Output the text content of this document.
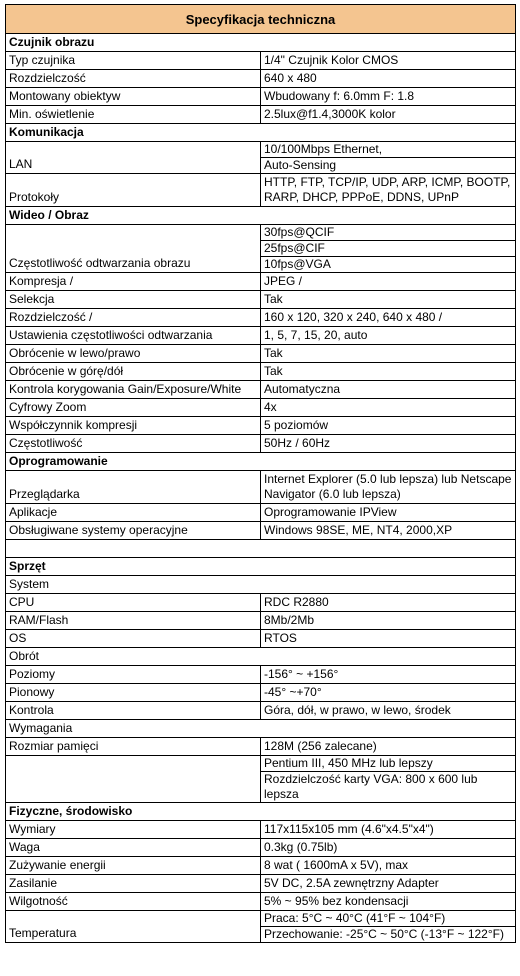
Specyfikacja techniczna	
Czujnik obrazu	
Typ czujnika	1/4" Czujnik Kolor CMOS
Rozdzielczość	640 x 480
Montowany obiektyw	Wbudowany f: 6.0mm F: 1.8
Min. oświetlenie	2.5lux@f1.4,3000K kolor
Komunikacja	
LAN	10/100Mbps Ethernet,
Auto-Sensing

Protokoły	HTTP, FTP, TCP/IP, UDP, ARP, ICMP, BOOTP, RARP, DHCP, PPPoE, DDNS, UPnP
Wideo / Obraz	
Częstotliwość odtwarzania obrazu	30fps@QCIF
25fps@CIF
10fps@VGA

Kompresja /	JPEG /
Selekcja	Tak
Rozdzielczość /	160 x 120, 320 x 240, 640 x 480 /
Ustawienia częstotliwości odtwarzania	1, 5, 7, 15, 20, auto
Obrócenie w lewo/prawo	Tak
Obrócenie w górę/dół	Tak
Kontrola korygowania Gain/Exposure/White	Automatyczna
Cyfrowy Zoom	4x
Współczynnik kompresji	5 poziomów
Częstotliwość	50Hz / 60Hz
Oprogramowanie	
Przeglądarka	Internet Explorer (5.0 lub lepsza) lub Netscape Navigator (6.0 lub lepsza)
Aplikacje	Oprogramowanie IPView
Obsługiwane systemy operacyjne	Windows 98SE, ME, NT4, 2000,XP

Sprzęt	
System	
CPU	RDC R2880
RAM/Flash	8Mb/2Mb
OS	RTOS
Obrót	
Poziomy	-156° ~ +156°
Pionowy	-45° ~+70°
Kontrola	Góra, dół, w prawo, w lewo, środek
Wymagania	
Rozmiar pamięci	128M (256 zalecane)

	Pentium III, 450 MHz lub lepszy
Rozdzielczość karty VGA: 800 x 600 lub lepsza

Fizyczne, środowisko	
Wymiary	117x115x105 mm (4.6"x4.5"x4")
Waga	0.3kg (0.75lb)
Zużywanie energii	8 wat ( 1600mA x 5V), max
Zasilanie	5V DC, 2.5A zewnętrzny Adapter
Wilgotność	5% ~ 95% bez kondensacji
Temperatura	Praca: 5°C ~ 40°C (41°F ~ 104°F)
Przechowanie: -25°C ~ 50°C (-13°F ~ 122°F)
